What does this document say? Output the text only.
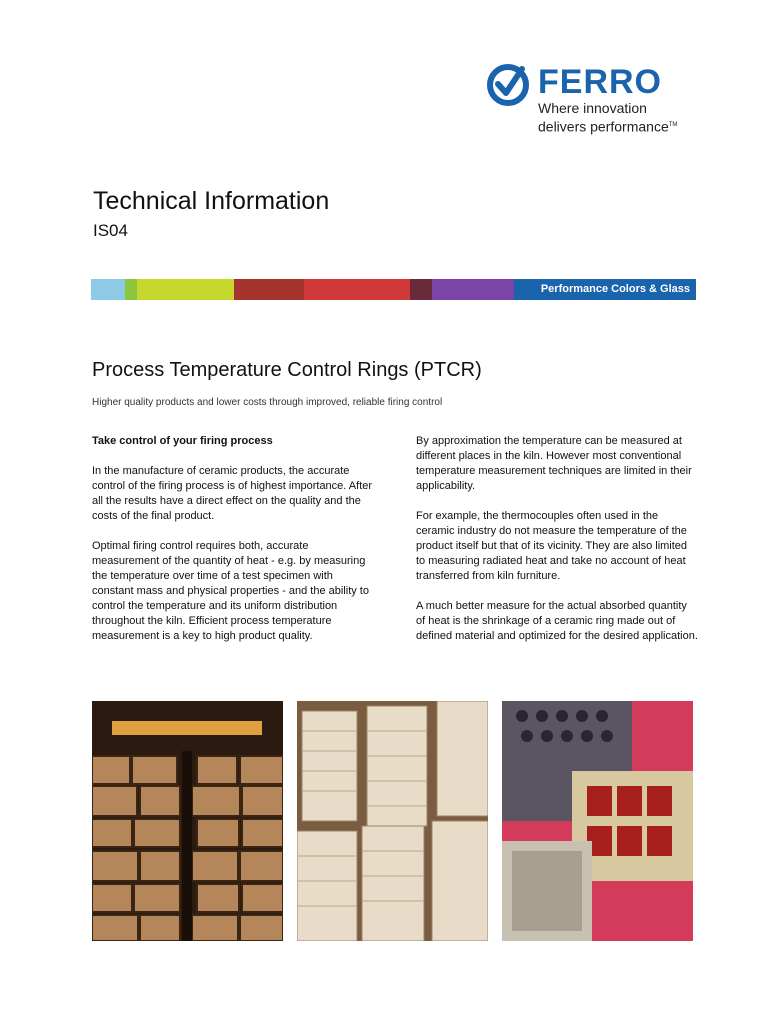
FERRO
Where innovation
delivers performance™
Technical Information
IS04
Performance Colors & Glass
Process Temperature Control Rings (PTCR)
Higher quality products and lower costs through improved, reliable firing control

Take control of your firing process

In the manufacture of ceramic products, the accurate control of the firing process is of highest importance. After all the results have a direct effect on the quality and the costs of the final product.

Optimal firing control requires both, accurate measurement of the quantity of heat - e.g. by measuring the temperature over time of a test specimen with constant mass and physical properties - and the ability to control the temperature and its uniform distribution throughout the kiln. Efficient process temperature measurement is a key to high product quality.

By approximation the temperature can be measured at different places in the kiln. However most conventional temperature measurement techniques are limited in their applicability.

For example, the thermocouples often used in the ceramic industry do not measure the temperature of the product itself but that of its vicinity. They are also limited to measuring radiated heat and take no account of heat transferred from kiln furniture.

A much better measure for the actual absorbed quantity of heat is the shrinkage of a ceramic ring made out of defined material and optimized for the desired application.
